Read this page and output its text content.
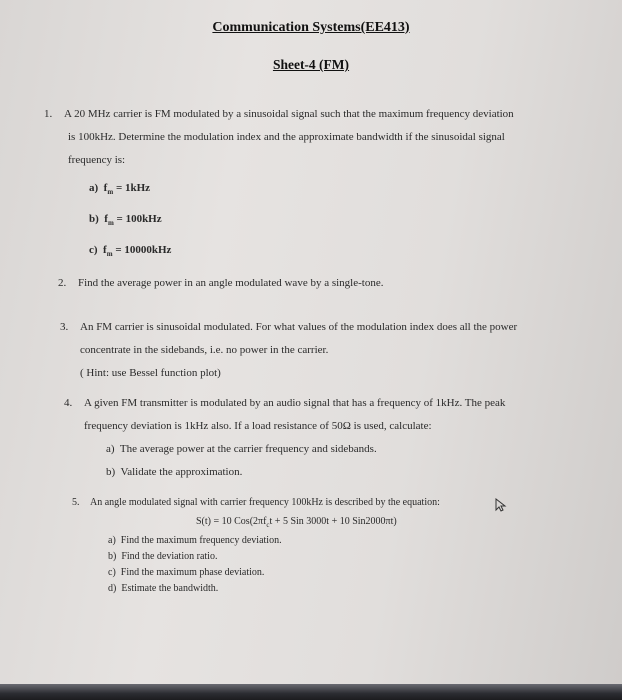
Communication Systems(EE413)
Sheet-4 (FM)
1. A 20 MHz carrier is FM modulated by a sinusoidal signal such that the maximum frequency deviation
is 100kHz. Determine the modulation index and the approximate bandwidth if the sinusoidal signal
frequency is:
a) $f_m = 1kHz$
b) $f_m = 100kHz$
c) $f_m = 10000kHz$
2. Find the average power in an angle modulated wave by a single-tone.
3. An FM carrier is sinusoidal modulated. For what values of the modulation index does all the power
concentrate in the sidebands, i.e. no power in the carrier.
( Hint: use Bessel function plot)
4. A given FM transmitter is modulated by an audio signal that has a frequency of 1kHz. The peak
frequency deviation is 1kHz also. If a load resistance of 50Ω is used, calculate:
a) The average power at the carrier frequency and sidebands.
b) Validate the approximation.
5. An angle modulated signal with carrier frequency 100kHz is described by the equation:
S(t) = 10 $Cos(2\pi f_ct + 5$ Sin 3000t + 10 Sin2000πt)
a) Find the maximum frequency deviation.
b) Find the deviation ratio.
c) Find the maximum phase deviation.
d) Estimate the bandwidth.
